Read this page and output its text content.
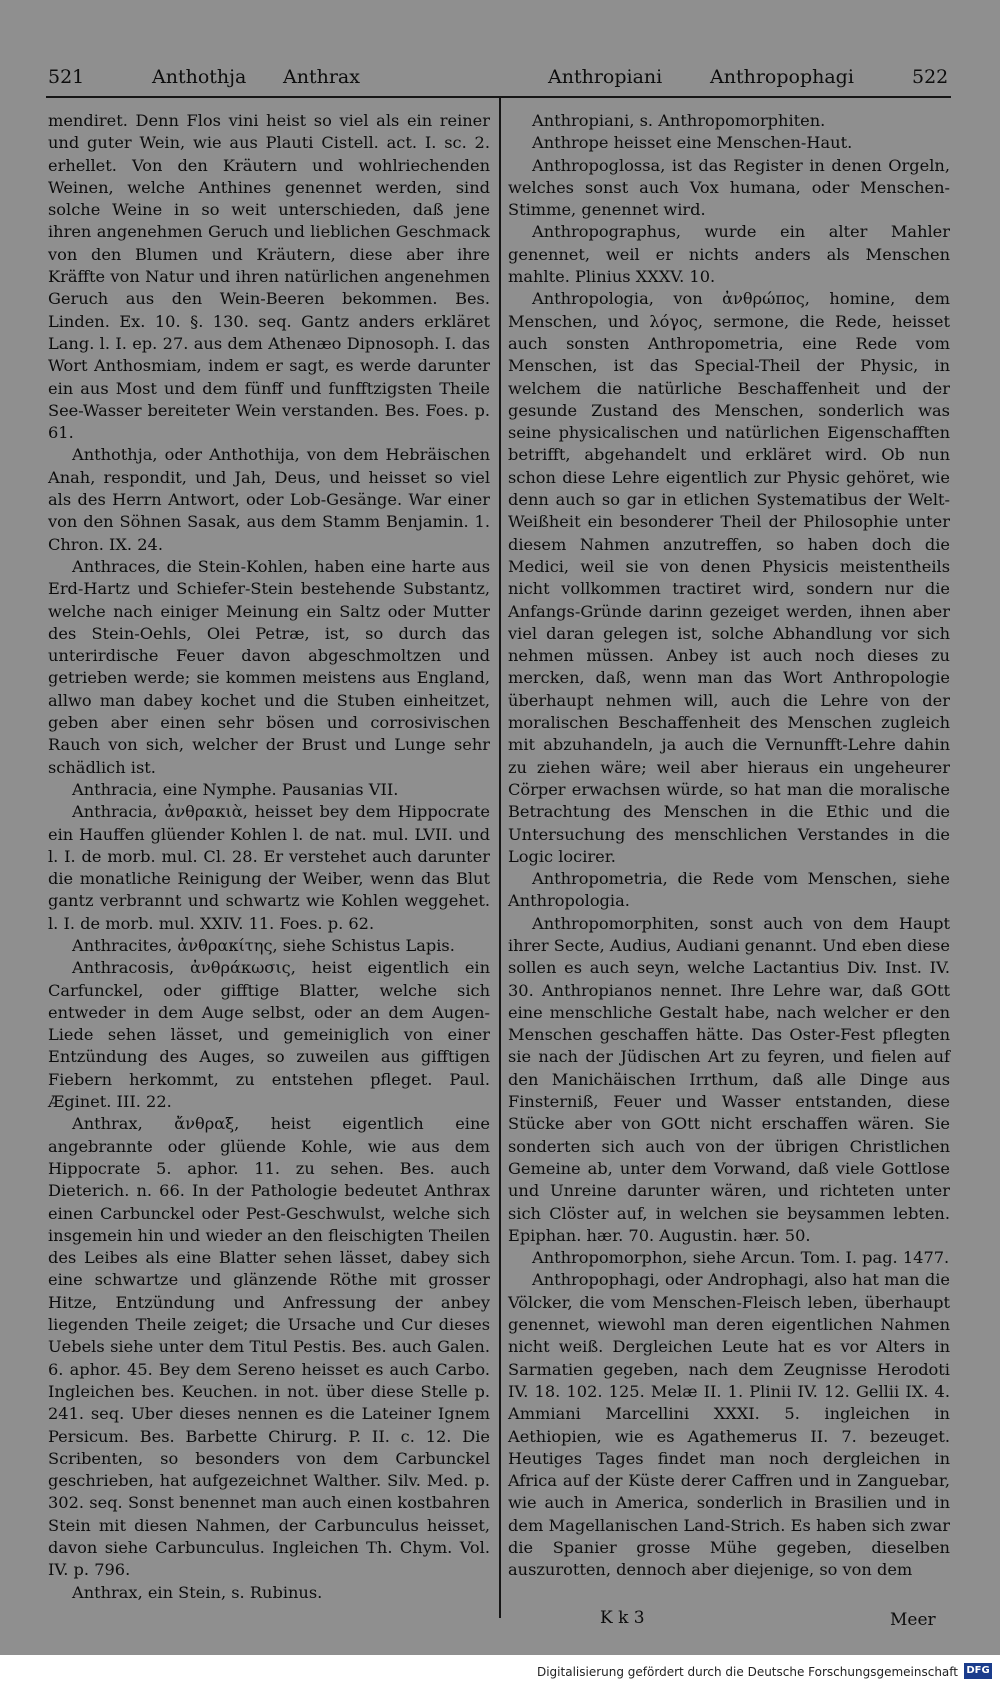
521	Anthothja Anthrax	Anthropiani	Anthropophagi	522

mendiret. Denn Flos vini heist so viel als ein reiner und guter Wein, wie aus Plauti Cistell. act. I. sc. 2. erhellet. Von den Kräutern und wohlriechenden Weinen, welche Anthines genennet werden, sind solche Weine in so weit unterschieden, daß jene ihren angenehmen Geruch und lieblichen Geschmack von den Blumen und Kräutern, diese aber ihre Kräffte von Natur und ihren natürlichen angenehmen Geruch aus den Wein-Beeren bekommen. Bes. Linden. Ex. 10. §. 130. seq. Gantz anders erkläret Lang. l. I. ep. 27. aus dem Athenæo Dipnosoph. I. das Wort Anthosmiam, indem er sagt, es werde darunter ein aus Most und dem fünff und funfftzigsten Theile See-Wasser bereiteter Wein verstanden. Bes. Foes. p. 61.

Anthothja, oder Anthothija, von dem Hebräischen Anah, respondit, und Jah, Deus, und heisset so viel als des Herrn Antwort, oder Lob-Gesänge. War einer von den Söhnen Sasak, aus dem Stamm Benjamin. 1. Chron. IX. 24.

Anthraces, die Stein-Kohlen, haben eine harte aus Erd-Hartz und Schiefer-Stein bestehende Substantz, welche nach einiger Meinung ein Saltz oder Mutter des Stein-Oehls, Olei Petræ, ist, so durch das unterirdische Feuer davon abgeschmoltzen und getrieben werde; sie kommen meistens aus England, allwo man dabey kochet und die Stuben einheitzet, geben aber einen sehr bösen und corrosivischen Rauch von sich, welcher der Brust und Lunge sehr schädlich ist.

Anthracia, eine Nymphe. Pausanias VII.

Anthracia, ἀνθρακιὰ, heisset bey dem Hippocrate ein Hauffen glüender Kohlen l. de nat. mul. LVII. und l. I. de morb. mul. Cl. 28. Er verstehet auch darunter die monatliche Reinigung der Weiber, wenn das Blut gantz verbrannt und schwartz wie Kohlen weggehet. l. I. de morb. mul. XXIV. 11. Foes. p. 62.

Anthracites, ἀνθρακίτης, siehe Schistus Lapis.

Anthracosis, ἀνθράκωσις, heist eigentlich ein Carfunckel, oder gifftige Blatter, welche sich entweder in dem Auge selbst, oder an dem Augen-Liede sehen lässet, und gemeiniglich von einer Entzündung des Auges, so zuweilen aus gifftigen Fiebern herkommt, zu entstehen pfleget. Paul. Æginet. III. 22.

Anthrax, ἄνθραξ, heist eigentlich eine angebrannte oder glüende Kohle, wie aus dem Hippocrate 5. aphor. 11. zu sehen. Bes. auch Dieterich. n. 66. In der Pathologie bedeutet Anthrax einen Carbunckel oder Pest-Geschwulst, welche sich insgemein hin und wieder an den fleischigten Theilen des Leibes als eine Blatter sehen lässet, dabey sich eine schwartze und glänzende Röthe mit grosser Hitze, Entzündung und Anfressung der anbey liegenden Theile zeiget; die Ursache und Cur dieses Uebels siehe unter dem Titul Pestis. Bes. auch Galen. 6. aphor. 45. Bey dem Sereno heisset es auch Carbo. Ingleichen bes. Keuchen. in not. über diese Stelle p. 241. seq. Uber dieses nennen es die Lateiner Ignem Persicum. Bes. Barbette Chirurg. P. II. c. 12. Die Scribenten, so besonders von dem Carbunckel geschrieben, hat aufgezeichnet Walther. Silv. Med. p. 302. seq. Sonst benennet man auch einen kostbahren Stein mit diesen Nahmen, der Carbunculus heisset, davon siehe Carbunculus. Ingleichen Th. Chym. Vol. IV. p. 796.

Anthrax, ein Stein, s. Rubinus.

Anthropiani, s. Anthropomorphiten.

Anthrope heisset eine Menschen-Haut.

Anthropoglossa, ist das Register in denen Orgeln, welches sonst auch Vox humana, oder Menschen-Stimme, genennet wird.

Anthropographus, wurde ein alter Mahler genennet, weil er nichts anders als Menschen mahlte. Plinius XXXV. 10.

Anthropologia, von ἀνθρώπος, homine, dem Menschen, und λόγος, sermone, die Rede, heisset auch sonsten Anthropometria, eine Rede vom Menschen, ist das Special-Theil der Physic, in welchem die natürliche Beschaffenheit und der gesunde Zustand des Menschen, sonderlich was seine physicalischen und natürlichen Eigenschafften betrifft, abgehandelt und erkläret wird. Ob nun schon diese Lehre eigentlich zur Physic gehöret, wie denn auch so gar in etlichen Systematibus der Welt-Weißheit ein besonderer Theil der Philosophie unter diesem Nahmen anzutreffen, so haben doch die Medici, weil sie von denen Physicis meistentheils nicht vollkommen tractiret wird, sondern nur die Anfangs-Gründe darinn gezeiget werden, ihnen aber viel daran gelegen ist, solche Abhandlung vor sich nehmen müssen. Anbey ist auch noch dieses zu mercken, daß, wenn man das Wort Anthropologie überhaupt nehmen will, auch die Lehre von der moralischen Beschaffenheit des Menschen zugleich mit abzuhandeln, ja auch die Vernunfft-Lehre dahin zu ziehen wäre; weil aber hieraus ein ungeheurer Cörper erwachsen würde, so hat man die moralische Betrachtung des Menschen in die Ethic und die Untersuchung des menschlichen Verstandes in die Logic locirer.

Anthropometria, die Rede vom Menschen, siehe Anthropologia.

Anthropomorphiten, sonst auch von dem Haupt ihrer Secte, Audius, Audiani genannt. Und eben diese sollen es auch seyn, welche Lactantius Div. Inst. IV. 30. Anthropianos nennet. Ihre Lehre war, daß GOtt eine menschliche Gestalt habe, nach welcher er den Menschen geschaffen hätte. Das Oster-Fest pflegten sie nach der Jüdischen Art zu feyren, und fielen auf den Manichäischen Irrthum, daß alle Dinge aus Finsterniß, Feuer und Wasser entstanden, diese Stücke aber von GOtt nicht erschaffen wären. Sie sonderten sich auch von der übrigen Christlichen Gemeine ab, unter dem Vorwand, daß viele Gottlose und Unreine darunter wären, und richteten unter sich Clöster auf, in welchen sie beysammen lebten. Epiphan. hær. 70. Augustin. hær. 50.

Anthropomorphon, siehe Arcun. Tom. I. pag. 1477.

Anthropophagi, oder Androphagi, also hat man die Völcker, die vom Menschen-Fleisch leben, überhaupt genennet, wiewohl man deren eigentlichen Nahmen nicht weiß. Dergleichen Leute hat es vor Alters in Sarmatien gegeben, nach dem Zeugnisse Herodoti IV. 18. 102. 125. Melæ II. 1. Plinii IV. 12. Gellii IX. 4. Ammiani Marcellini XXXI. 5. ingleichen in Aethiopien, wie es Agathemerus II. 7. bezeuget. Heutiges Tages findet man noch dergleichen in Africa auf der Küste derer Caffren und in Zanguebar, wie auch in America, sonderlich in Brasilien und in dem Magellanischen Land-Strich. Es haben sich zwar die Spanier grosse Mühe gegeben, dieselben auszurotten, dennoch aber diejenige, so von dem

K k 3	Meer
Digitalisierung gefördert durch die Deutsche Forschungsgemeinschaft DFG
